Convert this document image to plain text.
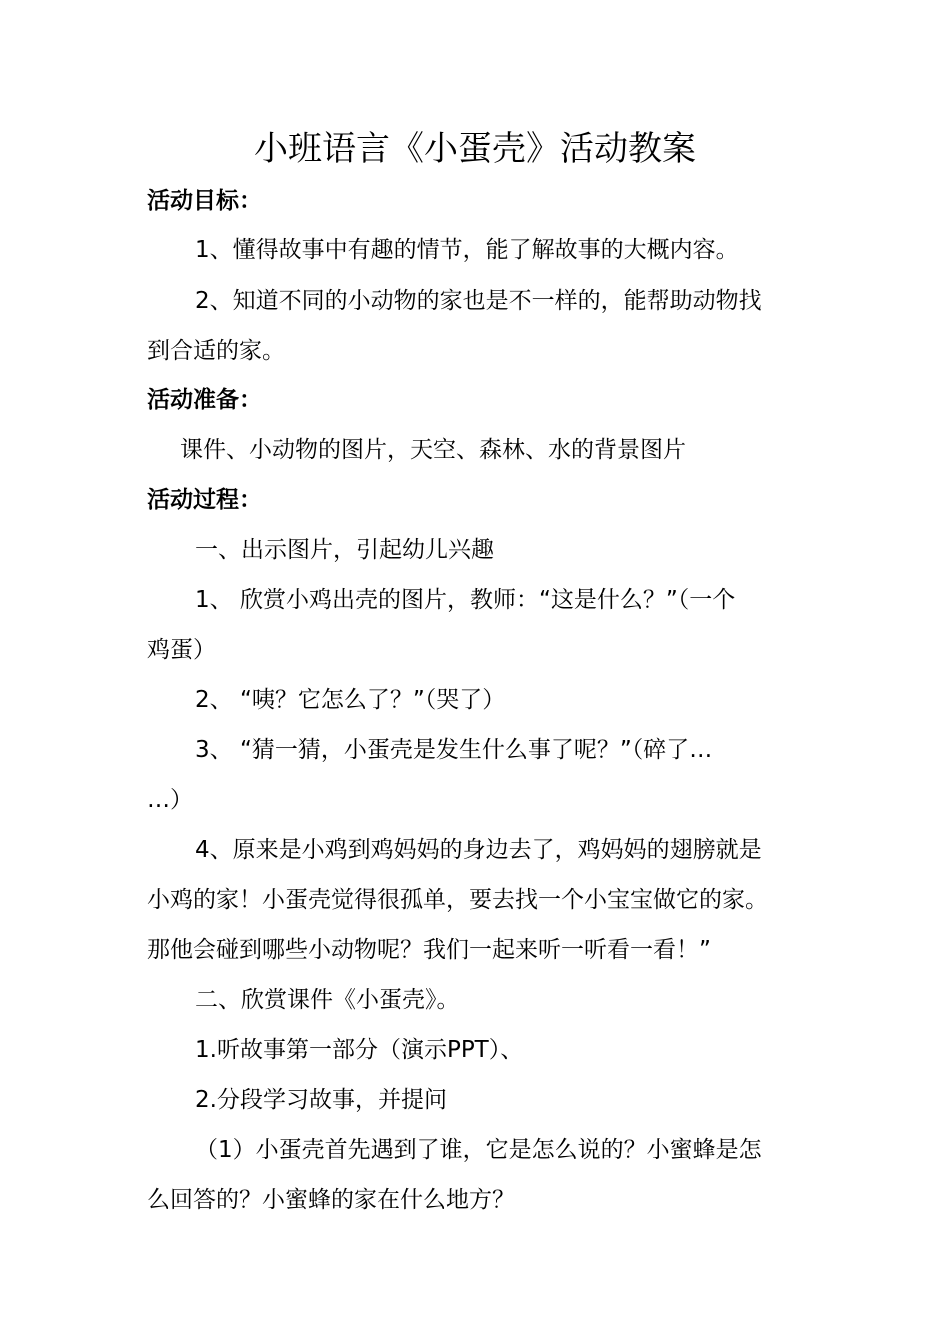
小班语言《小蛋壳》活动教案
活动目标：
1、懂得故事中有趣的情节，能了解故事的大概内容。
2、知道不同的小动物的家也是不一样的，能帮助动物找
到合适的家。
活动准备：
课件、小动物的图片，天空、森林、水的背景图片
活动过程：
一、出示图片，引起幼儿兴趣
1、 欣赏小鸡出壳的图片，教师：“这是什么？”（一个
鸡蛋）
2、 “咦？它怎么了？”（哭了）
3、 “猜一猜，小蛋壳是发生什么事了呢？”（碎了…
…）
4、原来是小鸡到鸡妈妈的身边去了，鸡妈妈的翅膀就是
小鸡的家！小蛋壳觉得很孤单，要去找一个小宝宝做它的家。
那他会碰到哪些小动物呢？我们一起来听一听看一看！”
二、欣赏课件《小蛋壳》。
1.听故事第一部分（演示PPT）、
2.分段学习故事，并提问
（1）小蛋壳首先遇到了谁，它是怎么说的？小蜜蜂是怎
么回答的？小蜜蜂的家在什么地方？
